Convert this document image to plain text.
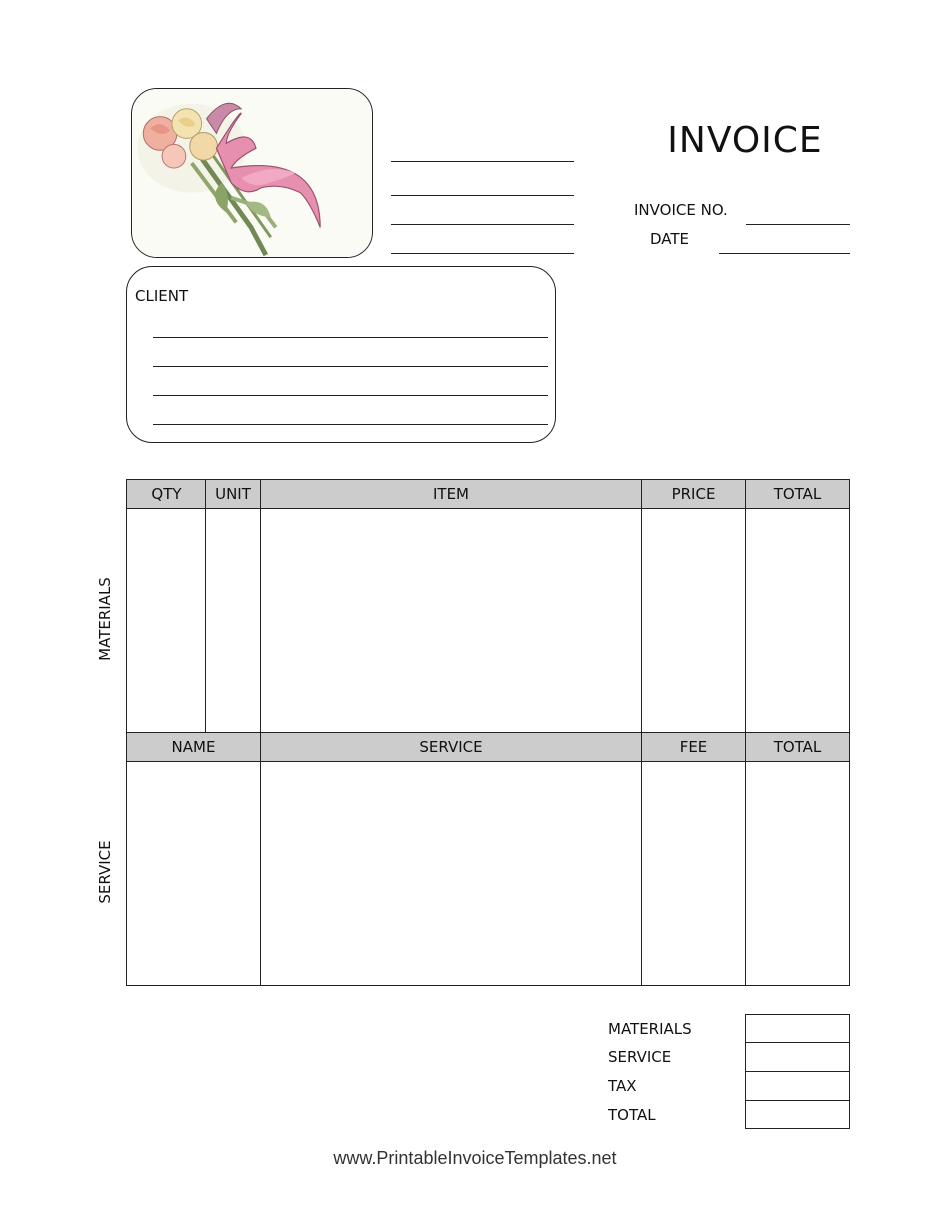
INVOICE
INVOICE NO.
DATE
CLIENT
QTY	UNIT	ITEM	PRICE	TOTAL
NAME	SERVICE	FEE	TOTAL
MATERIALS
SERVICE
MATERIALS
SERVICE
TAX
TOTAL
www.PrintableInvoiceTemplates.net
